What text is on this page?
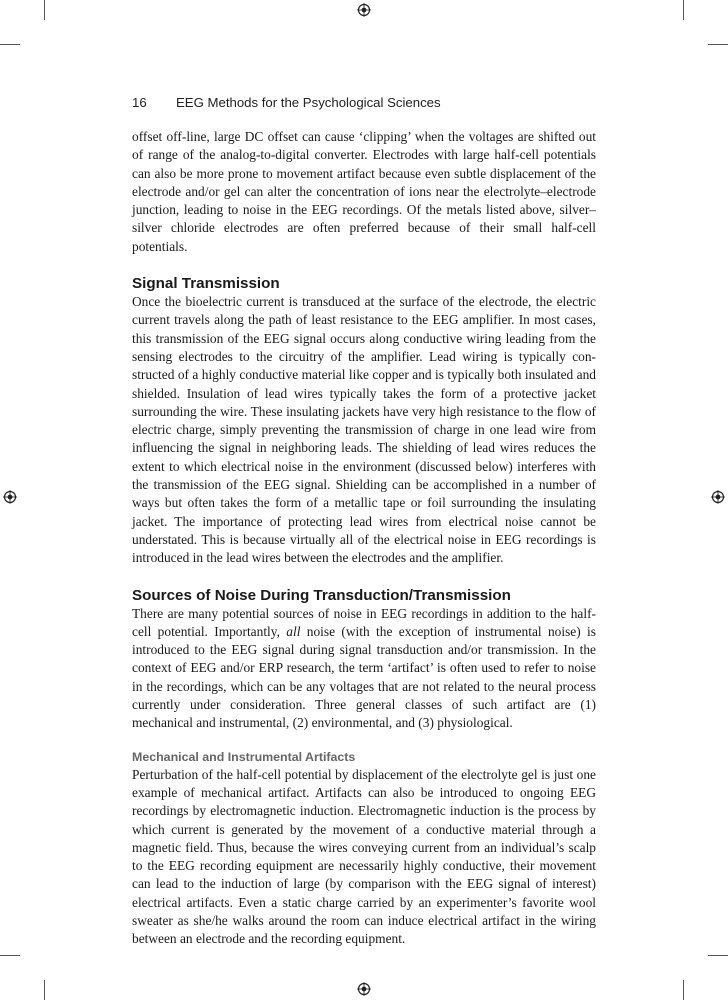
16 EEG Methods for the Psychological Sciences

offset off-line, large DC offset can cause ‘clipping’ when the voltages are shifted out of range of the analog-to-digital converter. Electrodes with large half-cell potentials can also be more prone to movement artifact because even subtle displacement of the electrode and/or gel can alter the concentration of ions near the electrolyte–electrode junction, leading to noise in the EEG recordings. Of the metals listed above, silver–silver chloride electrodes are often preferred because of their small half-cell potentials.

Signal Transmission

Once the bioelectric current is transduced at the surface of the electrode, the electric current travels along the path of least resistance to the EEG amplifier. In most cases, this transmission of the EEG signal occurs along conductive wiring leading from the sensing electrodes to the circuitry of the amplifier. Lead wiring is typically constructed of a highly conductive material like copper and is typically both insulated and shielded. Insulation of lead wires typically takes the form of a protective jacket surrounding the wire. These insulating jackets have very high resistance to the flow of electric charge, simply preventing the transmission of charge in one lead wire from influencing the signal in neighboring leads. The shielding of lead wires reduces the extent to which electrical noise in the environment (discussed below) interferes with the transmission of the EEG signal. Shielding can be accomplished in a number of ways but often takes the form of a metallic tape or foil surrounding the insulating jacket. The importance of protecting lead wires from electrical noise cannot be understated. This is because virtually all of the electrical noise in EEG recordings is introduced in the lead wires between the electrodes and the amplifier.

Sources of Noise During Transduction/Transmission

There are many potential sources of noise in EEG recordings in addition to the half-cell potential. Importantly, all noise (with the exception of instrumental noise) is introduced to the EEG signal during signal transduction and/or transmission. In the context of EEG and/or ERP research, the term ‘artifact’ is often used to refer to noise in the recordings, which can be any voltages that are not related to the neural process currently under consideration. Three general classes of such artifact are (1) mechanical and instrumental, (2) environmental, and (3) physiological.

Mechanical and Instrumental Artifacts

Perturbation of the half-cell potential by displacement of the electrolyte gel is just one example of mechanical artifact. Artifacts can also be introduced to ongoing EEG recordings by electromagnetic induction. Electromagnetic induction is the process by which current is generated by the movement of a conductive material through a magnetic field. Thus, because the wires conveying current from an individual’s scalp to the EEG recording equipment are necessarily highly conductive, their movement can lead to the induction of large (by comparison with the EEG signal of interest) electrical artifacts. Even a static charge carried by an experimenter’s favorite wool sweater as she/he walks around the room can induce electrical artifact in the wiring between an electrode and the recording equipment.
